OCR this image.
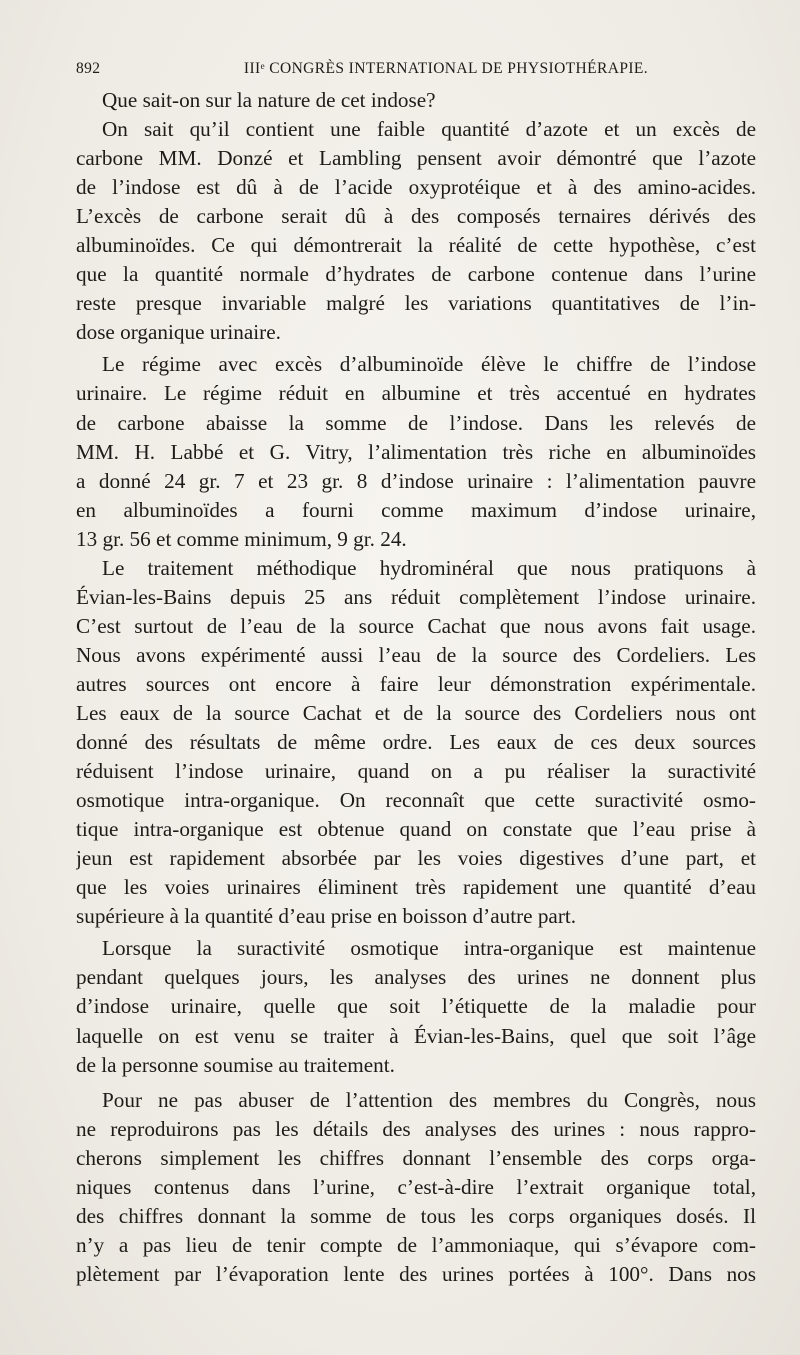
892	IIIᵉ CONGRÈS INTERNATIONAL DE PHYSIOTHÉRAPIE.

Que sait-on sur la nature de cet indose?

On sait qu’il contient une faible quantité d’azote et un excès de
carbone MM. Donzé et Lambling pensent avoir démontré que l’azote
de l’indose est dû à de l’acide oxyprotéique et à des amino-acides.
L’excès de carbone serait dû à des composés ternaires dérivés des
albuminoïdes. Ce qui démontrerait la réalité de cette hypothèse, c’est
que la quantité normale d’hydrates de carbone contenue dans l’urine
reste presque invariable malgré les variations quantitatives de l’in-
dose organique urinaire.

Le régime avec excès d’albuminoïde élève le chiffre de l’indose
urinaire. Le régime réduit en albumine et très accentué en hydrates
de carbone abaisse la somme de l’indose. Dans les relevés de
MM. H. Labbé et G. Vitry, l’alimentation très riche en albuminoïdes
a donné 24 gr. 7 et 23 gr. 8 d’indose urinaire : l’alimentation pauvre
en albuminoïdes a fourni comme maximum d’indose urinaire,
13 gr. 56 et comme minimum, 9 gr. 24.

Le traitement méthodique hydrominéral que nous pratiquons à
Évian-les-Bains depuis 25 ans réduit complètement l’indose urinaire.
C’est surtout de l’eau de la source Cachat que nous avons fait usage.
Nous avons expérimenté aussi l’eau de la source des Cordeliers. Les
autres sources ont encore à faire leur démonstration expérimentale.
Les eaux de la source Cachat et de la source des Cordeliers nous ont
donné des résultats de même ordre. Les eaux de ces deux sources
réduisent l’indose urinaire, quand on a pu réaliser la suractivité
osmotique intra-organique. On reconnaît que cette suractivité osmo-
tique intra-organique est obtenue quand on constate que l’eau prise à
jeun est rapidement absorbée par les voies digestives d’une part, et
que les voies urinaires éliminent très rapidement une quantité d’eau
supérieure à la quantité d’eau prise en boisson d’autre part.

Lorsque la suractivité osmotique intra-organique est maintenue
pendant quelques jours, les analyses des urines ne donnent plus
d’indose urinaire, quelle que soit l’étiquette de la maladie pour
laquelle on est venu se traiter à Évian-les-Bains, quel que soit l’âge
de la personne soumise au traitement.

Pour ne pas abuser de l’attention des membres du Congrès, nous
ne reproduirons pas les détails des analyses des urines : nous rappro-
cherons simplement les chiffres donnant l’ensemble des corps orga-
niques contenus dans l’urine, c’est-à-dire l’extrait organique total,
des chiffres donnant la somme de tous les corps organiques dosés. Il
n’y a pas lieu de tenir compte de l’ammoniaque, qui s’évapore com-
plètement par l’évaporation lente des urines portées à 100°. Dans nos
